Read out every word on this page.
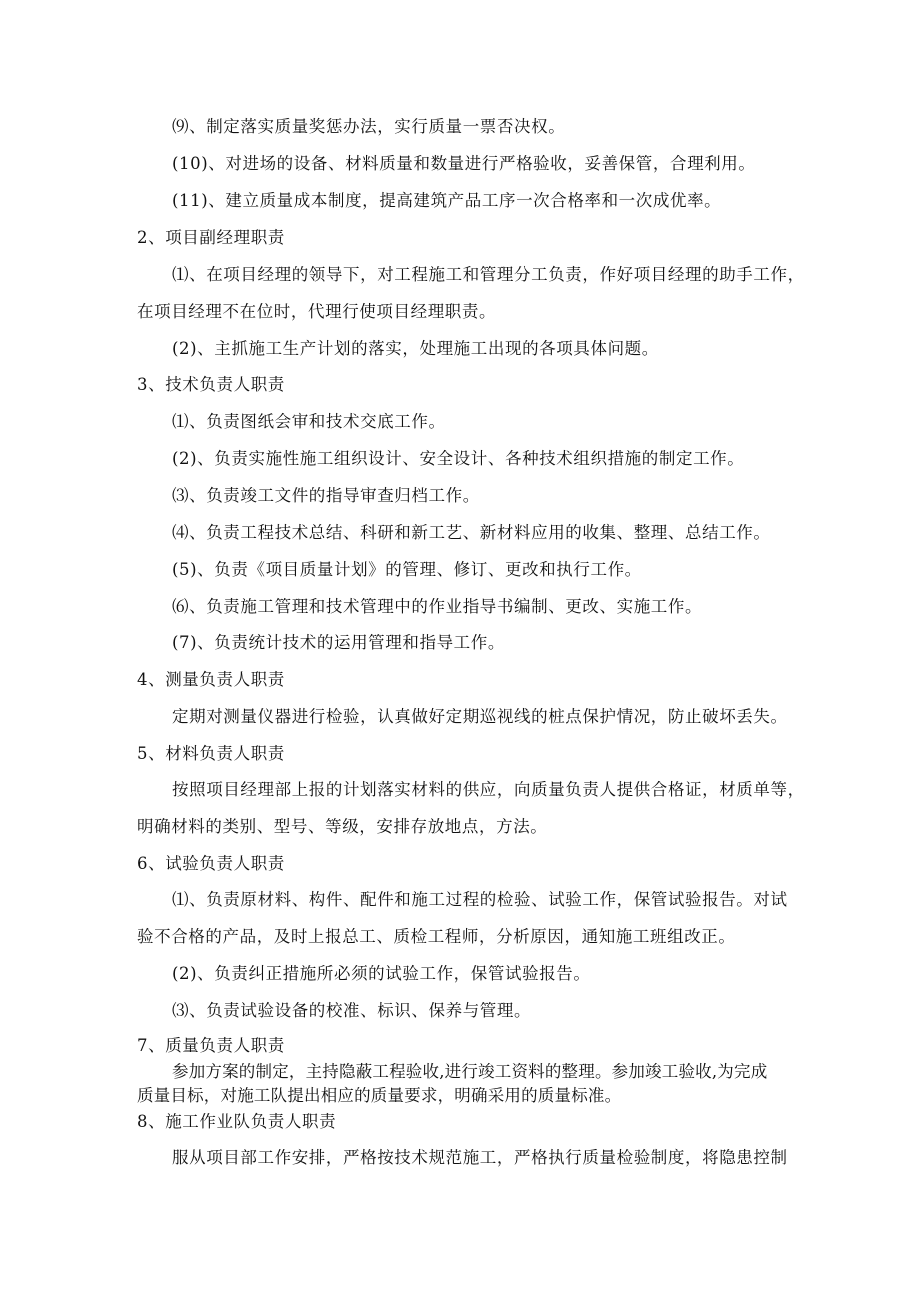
⑼、制定落实质量奖惩办法，实行质量一票否决权。
(10)、对进场的设备、材料质量和数量进行严格验收，妥善保管，合理利用。
(11)、建立质量成本制度，提高建筑产品工序一次合格率和一次成优率。
2、项目副经理职责
⑴、在项目经理的领导下，对工程施工和管理分工负责，作好项目经理的助手工作，
在项目经理不在位时，代理行使项目经理职责。
(2)、主抓施工生产计划的落实，处理施工出现的各项具体问题。
3、技术负责人职责
⑴、负责图纸会审和技术交底工作。
(2)、负责实施性施工组织设计、安全设计、各种技术组织措施的制定工作。
⑶、负责竣工文件的指导审查归档工作。
⑷、负责工程技术总结、科研和新工艺、新材料应用的收集、整理、总结工作。
(5)、负责《项目质量计划》的管理、修订、更改和执行工作。
⑹、负责施工管理和技术管理中的作业指导书编制、更改、实施工作。
(7)、负责统计技术的运用管理和指导工作。
4、测量负责人职责
定期对测量仪器进行检验，认真做好定期巡视线的桩点保护情况，防止破坏丢失。
5、材料负责人职责
按照项目经理部上报的计划落实材料的供应，向质量负责人提供合格证，材质单等，
明确材料的类别、型号、等级，安排存放地点，方法。
6、试验负责人职责
⑴、负责原材料、构件、配件和施工过程的检验、试验工作，保管试验报告。对试
验不合格的产品，及时上报总工、质检工程师，分析原因，通知施工班组改正。
(2)、负责纠正措施所必须的试验工作，保管试验报告。
⑶、负责试验设备的校准、标识、保养与管理。
7、质量负责人职责
参加方案的制定，主持隐蔽工程验收,进行竣工资料的整理。参加竣工验收,为完成
质量目标，对施工队提出相应的质量要求，明确采用的质量标准。
8、施工作业队负责人职责
服从项目部工作安排，严格按技术规范施工，严格执行质量检验制度，将隐患控制
